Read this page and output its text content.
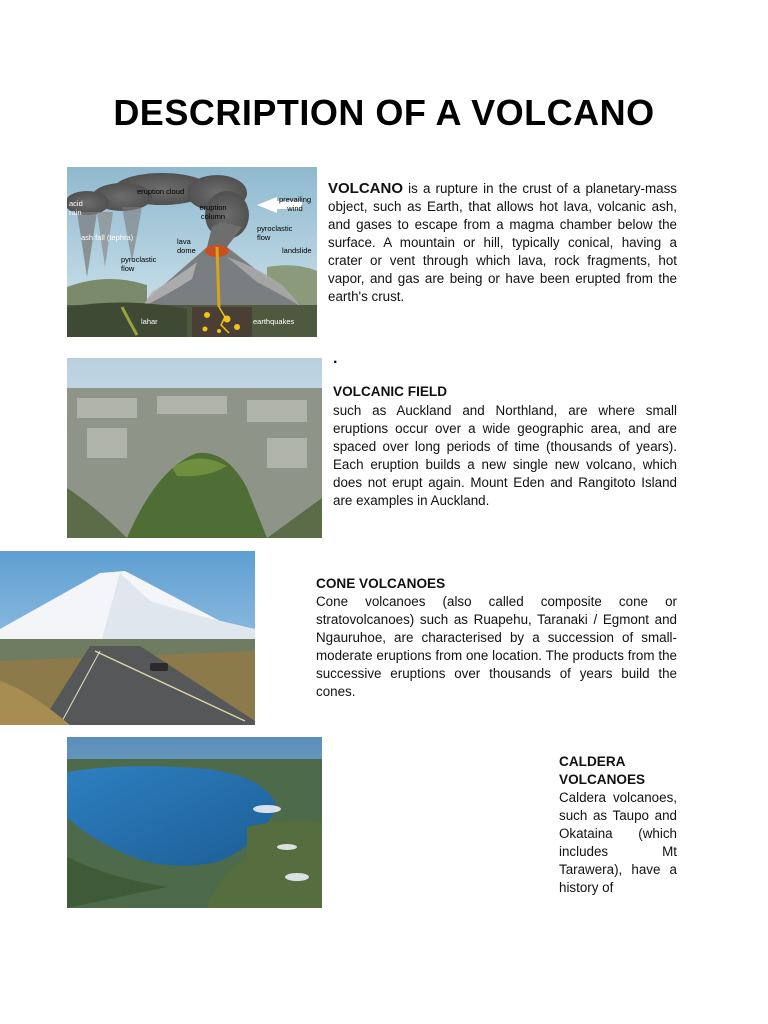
DESCRIPTION OF A VOLCANO
eruption cloud
prevailing wind
acid rain
eruption column
ash fall (tephra)
pyroclastic flow
lava dome	landslide
pyroclastic flow
lahar	earthquakes
VOLCANO is a rupture in the crust of a planetary-mass object, such as Earth, that allows hot lava, volcanic ash, and gases to escape from a magma chamber below the surface. A mountain or hill, typically conical, having a crater or vent through which lava, rock fragments, hot vapor, and gas are being or have been erupted from the earth's crust.
.
VOLCANIC FIELD
such as Auckland and Northland, are where small eruptions occur over a wide geographic area, and are spaced over long periods of time (thousands of years). Each eruption builds a new single new volcano, which does not erupt again. Mount Eden and Rangitoto Island are examples in Auckland.
CONE VOLCANOES
Cone volcanoes (also called composite cone or stratovolcanoes) such as Ruapehu, Taranaki / Egmont and Ngauruhoe, are characterised by a succession of small-moderate eruptions from one location. The products from the successive eruptions over thousands of years build the cones.
CALDERA VOLCANOES
Caldera volcanoes, such as Taupo and Okataina (which includes Mt Tarawera), have a history of
